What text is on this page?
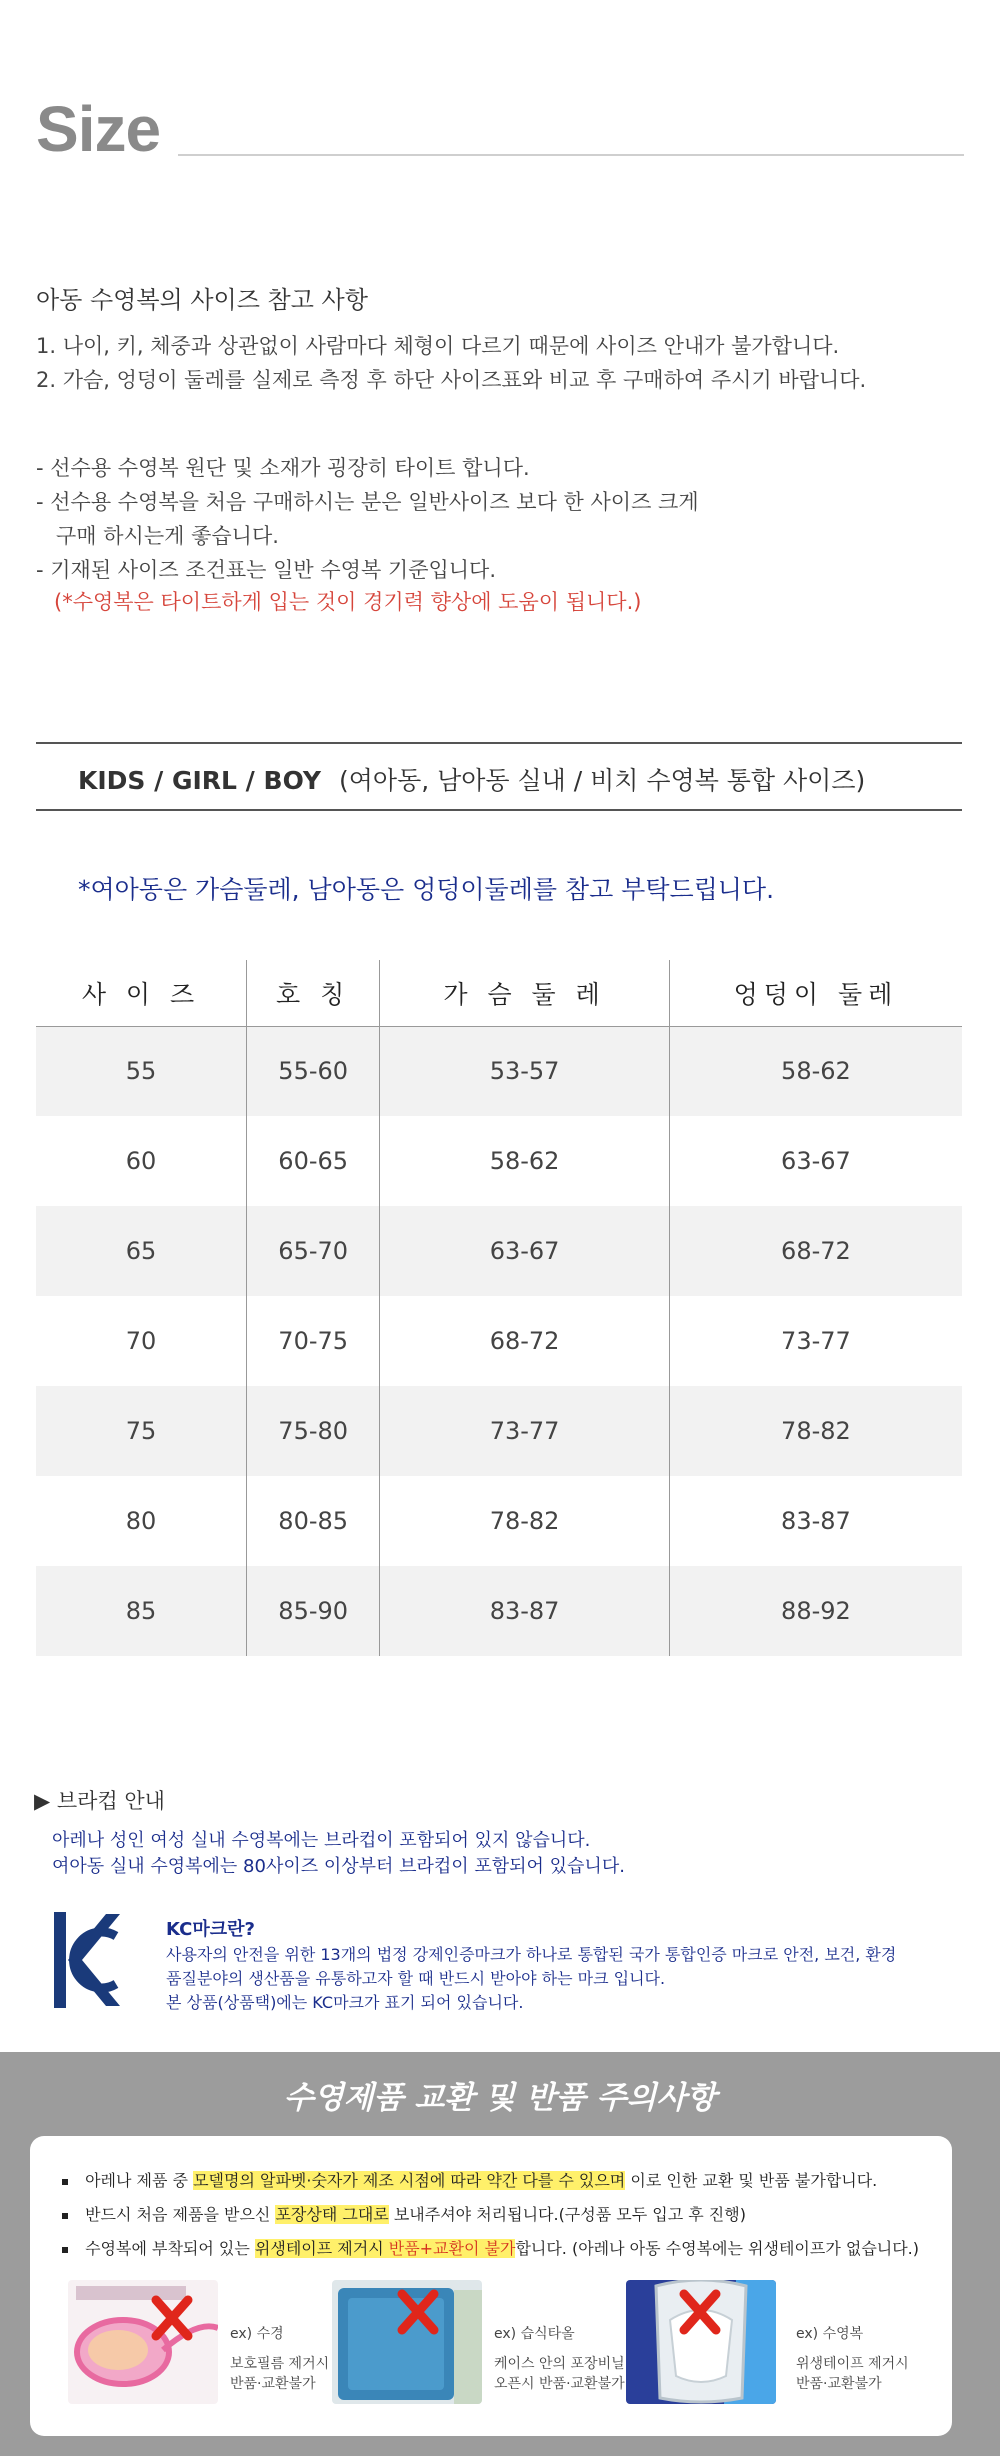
Size
아동 수영복의 사이즈 참고 사항
1. 나이, 키, 체중과 상관없이 사람마다 체형이 다르기 때문에 사이즈 안내가 불가합니다.
2. 가슴, 엉덩이 둘레를 실제로 측정 후 하단 사이즈표와 비교 후 구매하여 주시기 바랍니다.
- 선수용 수영복 원단 및 소재가 굉장히 타이트 합니다.
- 선수용 수영복을 처음 구매하시는 분은 일반사이즈 보다 한 사이즈 크게
구매 하시는게 좋습니다.
- 기재된 사이즈 조건표는 일반 수영복 기준입니다.
(*수영복은 타이트하게 입는 것이 경기력 향상에 도움이 됩니다.)
KIDS / GIRL / BOY (여아동, 남아동 실내 / 비치 수영복 통합 사이즈)
*여아동은 가슴둘레, 남아동은 엉덩이둘레를 참고 부탁드립니다.
사 이 즈	호 칭	가 슴 둘 레	엉덩이 둘레
55	55-60	53-57	58-62
60	60-65	58-62	63-67
65	65-70	63-67	68-72
70	70-75	68-72	73-77
75	75-80	73-77	78-82
80	80-85	78-82	83-87
85	85-90	83-87	88-92
▶ 브라컵 안내
아레나 성인 여성 실내 수영복에는 브라컵이 포함되어 있지 않습니다.
여아동 실내 수영복에는 80사이즈 이상부터 브라컵이 포함되어 있습니다.
KC마크란?
사용자의 안전을 위한 13개의 법정 강제인증마크가 하나로 통합된 국가 통합인증 마크로 안전, 보건, 환경
품질분야의 생산품을 유통하고자 할 때 반드시 받아야 하는 마크 입니다.
본 상품(상품택)에는 KC마크가 표기 되어 있습니다.
수영제품 교환 및 반품 주의사항
아레나 제품 중 모델명의 알파벳·숫자가 제조 시점에 따라 약간 다를 수 있으며 이로 인한 교환 및 반품 불가합니다.
반드시 처음 제품을 받으신 포장상태 그대로 보내주셔야 처리됩니다.(구성품 모두 입고 후 진행)
수영복에 부착되어 있는 위생테이프 제거시 반품+교환이 불가합니다. (아레나 아동 수영복에는 위생테이프가 없습니다.)
ex) 수경
보호필름 제거시
반품·교환불가
ex) 습식타올
케이스 안의 포장비닐
오픈시 반품·교환불가
ex) 수영복
위생테이프 제거시
반품·교환불가
